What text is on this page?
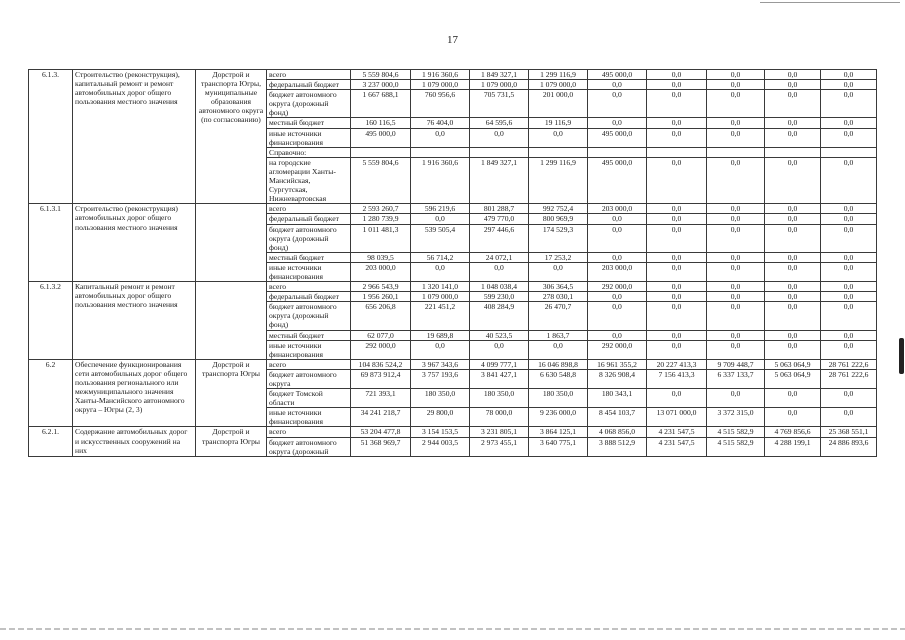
17
6.1.3.	Строительство (реконструкция), капитальный ремонт и ремонт автомобильных дорог общего пользования местного значения	Дорстрой и транспорта Югры, муниципальные образования автономного округа (по согласованию)	всего	5 559 804,6	1 916 360,6	1 849 327,1	1 299 116,9	495 000,0	0,0	0,0	0,0	0,0
			федеральный бюджет	3 237 000,0	1 079 000,0	1 079 000,0	1 079 000,0	0,0	0,0	0,0	0,0	0,0
			бюджет автономного округа (дорожный фонд)	1 667 688,1	760 956,6	705 731,5	201 000,0	0,0	0,0	0,0	0,0	0,0
			местный бюджет	160 116,5	76 404,0	64 595,6	19 116,9	0,0	0,0	0,0	0,0	0,0
			иные источники финансирования	495 000,0	0,0	0,0	0,0	495 000,0	0,0	0,0	0,0	0,0
			Справочно:									
			на городские агломерации Ханты-Мансийская, Сургутская, Нижневартовская	5 559 804,6	1 916 360,6	1 849 327,1	1 299 116,9	495 000,0	0,0	0,0	0,0	0,0
6.1.3.1	Строительство (реконструкция) автомобильных дорог общего пользования местного значения		всего	2 593 260,7	596 219,6	801 288,7	992 752,4	203 000,0	0,0	0,0	0,0	0,0
			федеральный бюджет	1 280 739,9	0,0	479 770,0	800 969,9	0,0	0,0	0,0	0,0	0,0
			бюджет автономного округа (дорожный фонд)	1 011 481,3	539 505,4	297 446,6	174 529,3	0,0	0,0	0,0	0,0	0,0
			местный бюджет	98 039,5	56 714,2	24 072,1	17 253,2	0,0	0,0	0,0	0,0	0,0
			иные источники финансирования	203 000,0	0,0	0,0	0,0	203 000,0	0,0	0,0	0,0	0,0
6.1.3.2	Капитальный ремонт и ремонт автомобильных дорог общего пользования местного значения		всего	2 966 543,9	1 320 141,0	1 048 038,4	306 364,5	292 000,0	0,0	0,0	0,0	0,0
			федеральный бюджет	1 956 260,1	1 079 000,0	599 230,0	278 030,1	0,0	0,0	0,0	0,0	0,0
			бюджет автономного округа (дорожный фонд)	656 206,8	221 451,2	408 284,9	26 470,7	0,0	0,0	0,0	0,0	0,0
			местный бюджет	62 077,0	19 689,8	40 523,5	1 863,7	0,0	0,0	0,0	0,0	0,0
			иные источники финансирования	292 000,0	0,0	0,0	0,0	292 000,0	0,0	0,0	0,0	0,0
6.2	Обеспечение функционирования сети автомобильных дорог общего пользования регионального или межмуниципального значения Ханты-Мансийского автономного округа – Югры (2, 3)	Дорстрой и транспорта Югры	всего	104 836 524,2	3 967 343,6	4 099 777,1	16 046 898,8	16 961 355,2	20 227 413,3	9 709 448,7	5 063 064,9	28 761 222,6
			бюджет автономного округа	69 873 912,4	3 757 193,6	3 841 427,1	6 630 548,8	8 326 908,4	7 156 413,3	6 337 133,7	5 063 064,9	28 761 222,6
			бюджет Томской области	721 393,1	180 350,0	180 350,0	180 350,0	180 343,1	0,0	0,0	0,0	0,0
			иные источники финансирования	34 241 218,7	29 800,0	78 000,0	9 236 000,0	8 454 103,7	13 071 000,0	3 372 315,0	0,0	0,0
6.2.1.	Содержание автомобильных дорог и искусственных сооружений на них	Дорстрой и транспорта Югры	всего	53 204 477,8	3 154 153,5	3 231 805,1	3 864 125,1	4 068 856,0	4 231 547,5	4 515 582,9	4 769 856,6	25 368 551,1
			бюджет автономного округа (дорожный	51 368 969,7	2 944 003,5	2 973 455,1	3 640 775,1	3 888 512,9	4 231 547,5	4 515 582,9	4 288 199,1	24 886 893,6
